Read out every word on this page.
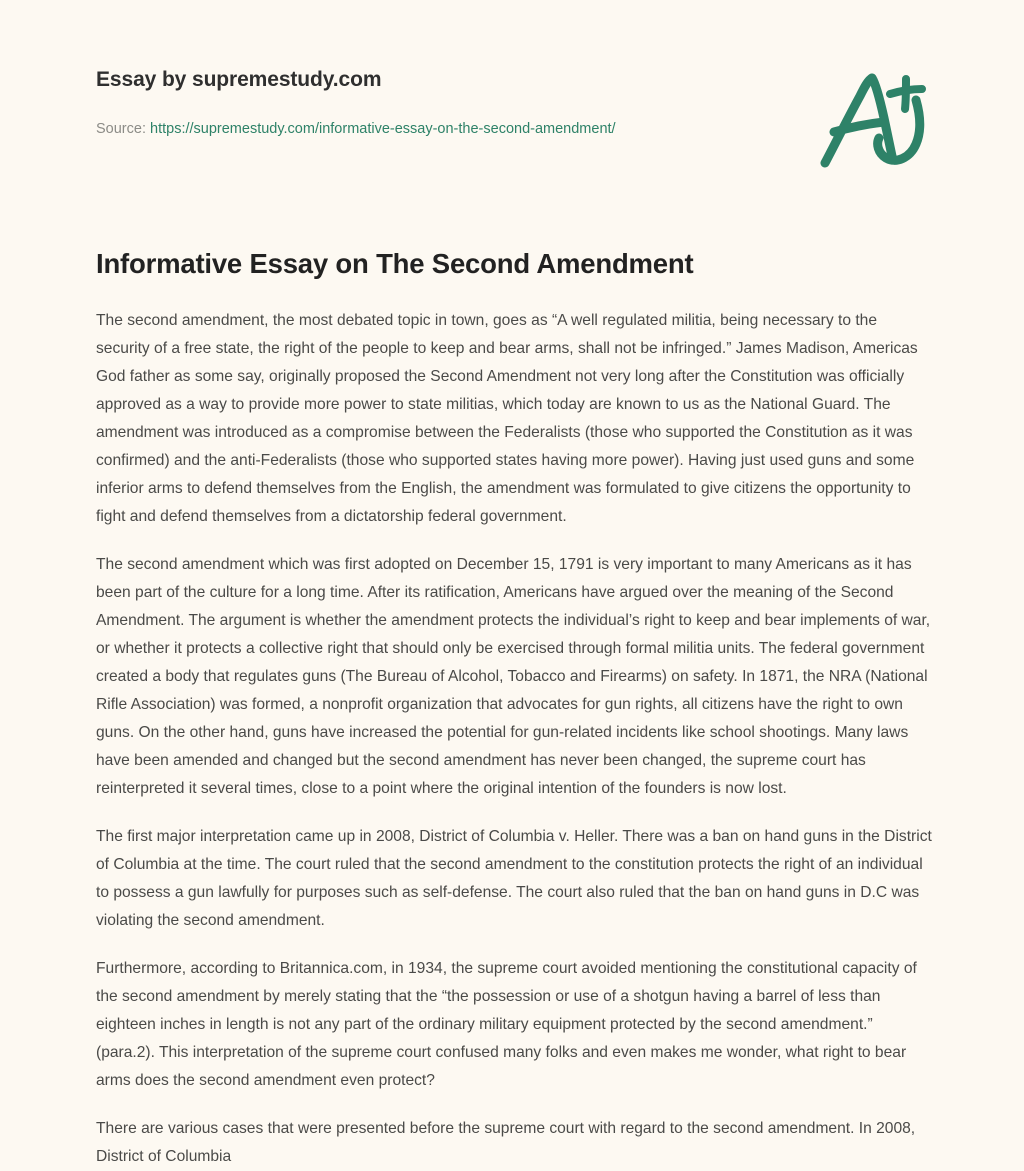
Essay by supremestudy.com
Source: https://supremestudy.com/informative-essay-on-the-second-amendment/
Informative Essay on The Second Amendment

The second amendment, the most debated topic in town, goes as “A well regulated militia, being necessary to the security of a free state, the right of the people to keep and bear arms, shall not be infringed.” James Madison, Americas God father as some say, originally proposed the Second Amendment not very long after the Constitution was officially approved as a way to provide more power to state militias, which today are known to us as the National Guard. The amendment was introduced as a compromise between the Federalists (those who supported the Constitution as it was confirmed) and the anti-Federalists (those who supported states having more power). Having just used guns and some inferior arms to defend themselves from the English, the amendment was formulated to give citizens the opportunity to fight and defend themselves from a dictatorship federal government.

The second amendment which was first adopted on December 15, 1791 is very important to many Americans as it has been part of the culture for a long time. After its ratification, Americans have argued over the meaning of the Second Amendment. The argument is whether the amendment protects the individual’s right to keep and bear implements of war, or whether it protects a collective right that should only be exercised through formal militia units. The federal government created a body that regulates guns (The Bureau of Alcohol, Tobacco and Firearms) on safety. In 1871, the NRA (National Rifle Association) was formed, a nonprofit organization that advocates for gun rights, all citizens have the right to own guns. On the other hand, guns have increased the potential for gun-related incidents like school shootings. Many laws have been amended and changed but the second amendment has never been changed, the supreme court has reinterpreted it several times, close to a point where the original intention of the founders is now lost.

The first major interpretation came up in 2008, District of Columbia v. Heller. There was a ban on hand guns in the District of Columbia at the time. The court ruled that the second amendment to the constitution protects the right of an individual to possess a gun lawfully for purposes such as self-defense. The court also ruled that the ban on hand guns in D.C was violating the second amendment.

Furthermore, according to Britannica.com, in 1934, the supreme court avoided mentioning the constitutional capacity of the second amendment by merely stating that the “the possession or use of a shotgun having a barrel of less than eighteen inches in length is not any part of the ordinary military equipment protected by the second amendment.” (para.2). This interpretation of the supreme court confused many folks and even makes me wonder, what right to bear arms does the second amendment even protect?

There are various cases that were presented before the supreme court with regard to the second amendment. In 2008, District of Columbia
